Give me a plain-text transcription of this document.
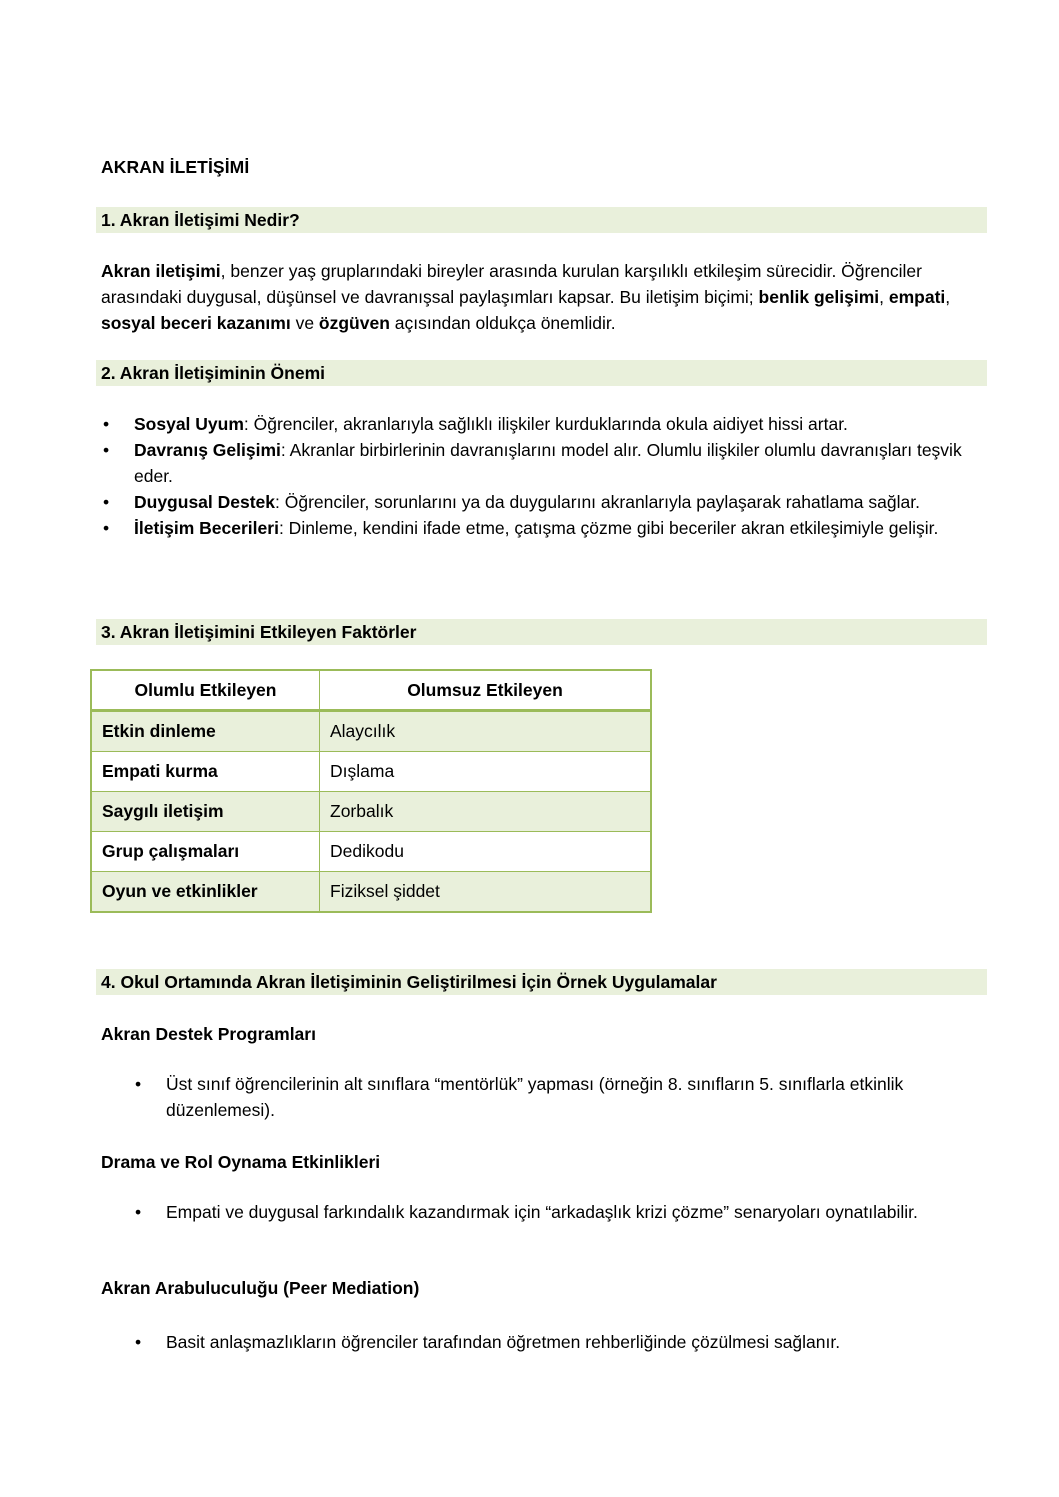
AKRAN İLETİŞİMİ
1. Akran İletişimi Nedir?
Akran iletişimi, benzer yaş gruplarındaki bireyler arasında kurulan karşılıklı etkileşim sürecidir. Öğrenciler arasındaki duygusal, düşünsel ve davranışsal paylaşımları kapsar. Bu iletişim biçimi; benlik gelişimi, empati, sosyal beceri kazanımı ve özgüven açısından oldukça önemlidir.
2. Akran İletişiminin Önemi
• Sosyal Uyum: Öğrenciler, akranlarıyla sağlıklı ilişkiler kurduklarında okula aidiyet hissi artar.
• Davranış Gelişimi: Akranlar birbirlerinin davranışlarını model alır. Olumlu ilişkiler olumlu davranışları teşvik eder.
• Duygusal Destek: Öğrenciler, sorunlarını ya da duygularını akranlarıyla paylaşarak rahatlama sağlar.
• İletişim Becerileri: Dinleme, kendini ifade etme, çatışma çözme gibi beceriler akran etkileşimiyle gelişir.
3. Akran İletişimini Etkileyen Faktörler
Olumlu Etkileyen	Olumsuz Etkileyen
Etkin dinleme	Alaycılık
Empati kurma	Dışlama
Saygılı iletişim	Zorbalık
Grup çalışmaları	Dedikodu
Oyun ve etkinlikler	Fiziksel şiddet
4. Okul Ortamında Akran İletişiminin Geliştirilmesi İçin Örnek Uygulamalar
Akran Destek Programları
• Üst sınıf öğrencilerinin alt sınıflara “mentörlük” yapması (örneğin 8. sınıfların 5. sınıflarla etkinlik düzenlemesi).
Drama ve Rol Oynama Etkinlikleri
• Empati ve duygusal farkındalık kazandırmak için “arkadaşlık krizi çözme” senaryoları oynatılabilir.
Akran Arabuluculuğu (Peer Mediation)
• Basit anlaşmazlıkların öğrenciler tarafından öğretmen rehberliğinde çözülmesi sağlanır.
